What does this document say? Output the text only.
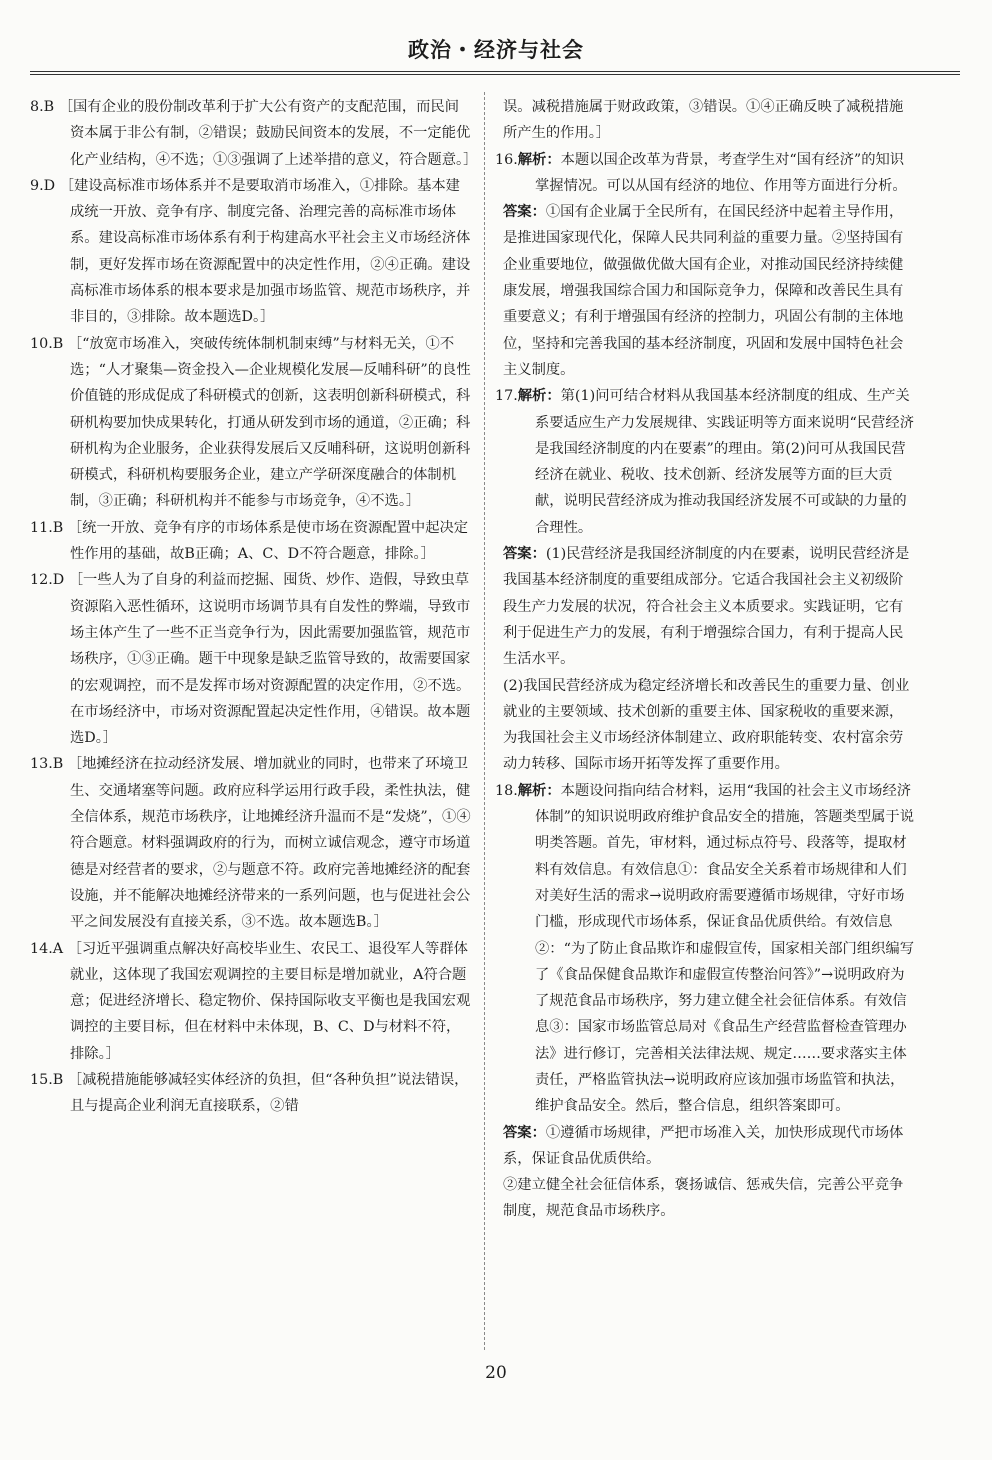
政治・经济与社会
8.B ［国有企业的股份制改革利于扩大公有资产的支配范围，而民间资本属于非公有制，②错误；鼓励民间资本的发展，不一定能优化产业结构，④不选；①③强调了上述举措的意义，符合题意。］
9.D ［建设高标准市场体系并不是要取消市场准入，①排除。基本建成统一开放、竞争有序、制度完备、治理完善的高标准市场体系。建设高标准市场体系有利于构建高水平社会主义市场经济体制，更好发挥市场在资源配置中的决定性作用，②④正确。建设高标准市场体系的根本要求是加强市场监管、规范市场秩序，并非目的，③排除。故本题选D。］
10.B ［“放宽市场准入，突破传统体制机制束缚”与材料无关，①不选；“人才聚集—资金投入—企业规模化发展—反哺科研”的良性价值链的形成促成了科研模式的创新，这表明创新科研模式，科研机构要加快成果转化，打通从研发到市场的通道，②正确；科研机构为企业服务，企业获得发展后又反哺科研，这说明创新科研模式，科研机构要服务企业，建立产学研深度融合的体制机制，③正确；科研机构并不能参与市场竞争，④不选。］
11.B ［统一开放、竞争有序的市场体系是使市场在资源配置中起决定性作用的基础，故B正确；A、C、D不符合题意，排除。］
12.D ［一些人为了自身的利益而挖掘、囤货、炒作、造假，导致虫草资源陷入恶性循环，这说明市场调节具有自发性的弊端，导致市场主体产生了一些不正当竞争行为，因此需要加强监管，规范市场秩序，①③正确。题干中现象是缺乏监管导致的，故需要国家的宏观调控，而不是发挥市场对资源配置的决定作用，②不选。在市场经济中，市场对资源配置起决定性作用，④错误。故本题选D。］
13.B ［地摊经济在拉动经济发展、增加就业的同时，也带来了环境卫生、交通堵塞等问题。政府应科学运用行政手段，柔性执法，健全信体系，规范市场秩序，让地摊经济升温而不是“发烧”，①④符合题意。材料强调政府的行为，而树立诚信观念，遵守市场道德是对经营者的要求，②与题意不符。政府完善地摊经济的配套设施，并不能解决地摊经济带来的一系列问题，也与促进社会公平之间发展没有直接关系，③不选。故本题选B。］
14.A ［习近平强调重点解决好高校毕业生、农民工、退役军人等群体就业，这体现了我国宏观调控的主要目标是增加就业，A符合题意；促进经济增长、稳定物价、保持国际收支平衡也是我国宏观调控的主要目标，但在材料中未体现，B、C、D与材料不符，排除。］
15.B ［减税措施能够减轻实体经济的负担，但“各种负担”说法错误，且与提高企业利润无直接联系，②错
误。减税措施属于财政政策，③错误。①④正确反映了减税措施所产生的作用。］
16.解析：本题以国企改革为背景，考查学生对“国有经济”的知识掌握情况。可以从国有经济的地位、作用等方面进行分析。
答案：①国有企业属于全民所有，在国民经济中起着主导作用，是推进国家现代化，保障人民共同利益的重要力量。②坚持国有企业重要地位，做强做优做大国有企业，对推动国民经济持续健康发展，增强我国综合国力和国际竞争力，保障和改善民生具有重要意义；有利于增强国有经济的控制力，巩固公有制的主体地位，坚持和完善我国的基本经济制度，巩固和发展中国特色社会主义制度。
17.解析：第(1)问可结合材料从我国基本经济制度的组成、生产关系要适应生产力发展规律、实践证明等方面来说明“民营经济是我国经济制度的内在要素”的理由。第(2)问可从我国民营经济在就业、税收、技术创新、经济发展等方面的巨大贡献，说明民营经济成为推动我国经济发展不可或缺的力量的合理性。
答案：(1)民营经济是我国经济制度的内在要素，说明民营经济是我国基本经济制度的重要组成部分。它适合我国社会主义初级阶段生产力发展的状况，符合社会主义本质要求。实践证明，它有利于促进生产力的发展，有利于增强综合国力，有利于提高人民生活水平。
(2)我国民营经济成为稳定经济增长和改善民生的重要力量、创业就业的主要领域、技术创新的重要主体、国家税收的重要来源，为我国社会主义市场经济体制建立、政府职能转变、农村富余劳动力转移、国际市场开拓等发挥了重要作用。
18.解析：本题设问指向结合材料，运用“我国的社会主义市场经济体制”的知识说明政府维护食品安全的措施，答题类型属于说明类答题。首先，审材料，通过标点符号、段落等，提取材料有效信息。有效信息①：食品安全关系着市场规律和人们对美好生活的需求→说明政府需要遵循市场规律，守好市场门槛，形成现代市场体系，保证食品优质供给。有效信息②：“为了防止食品欺诈和虚假宣传，国家相关部门组织编写了《食品保健食品欺诈和虚假宣传整治问答》”→说明政府为了规范食品市场秩序，努力建立健全社会征信体系。有效信息③：国家市场监管总局对《食品生产经营监督检查管理办法》进行修订，完善相关法律法规、规定……要求落实主体责任，严格监管执法→说明政府应该加强市场监管和执法，维护食品安全。然后，整合信息，组织答案即可。
答案：①遵循市场规律，严把市场准入关，加快形成现代市场体系，保证食品优质供给。
②建立健全社会征信体系，褒扬诚信、惩戒失信，完善公平竞争制度，规范食品市场秩序。
20
